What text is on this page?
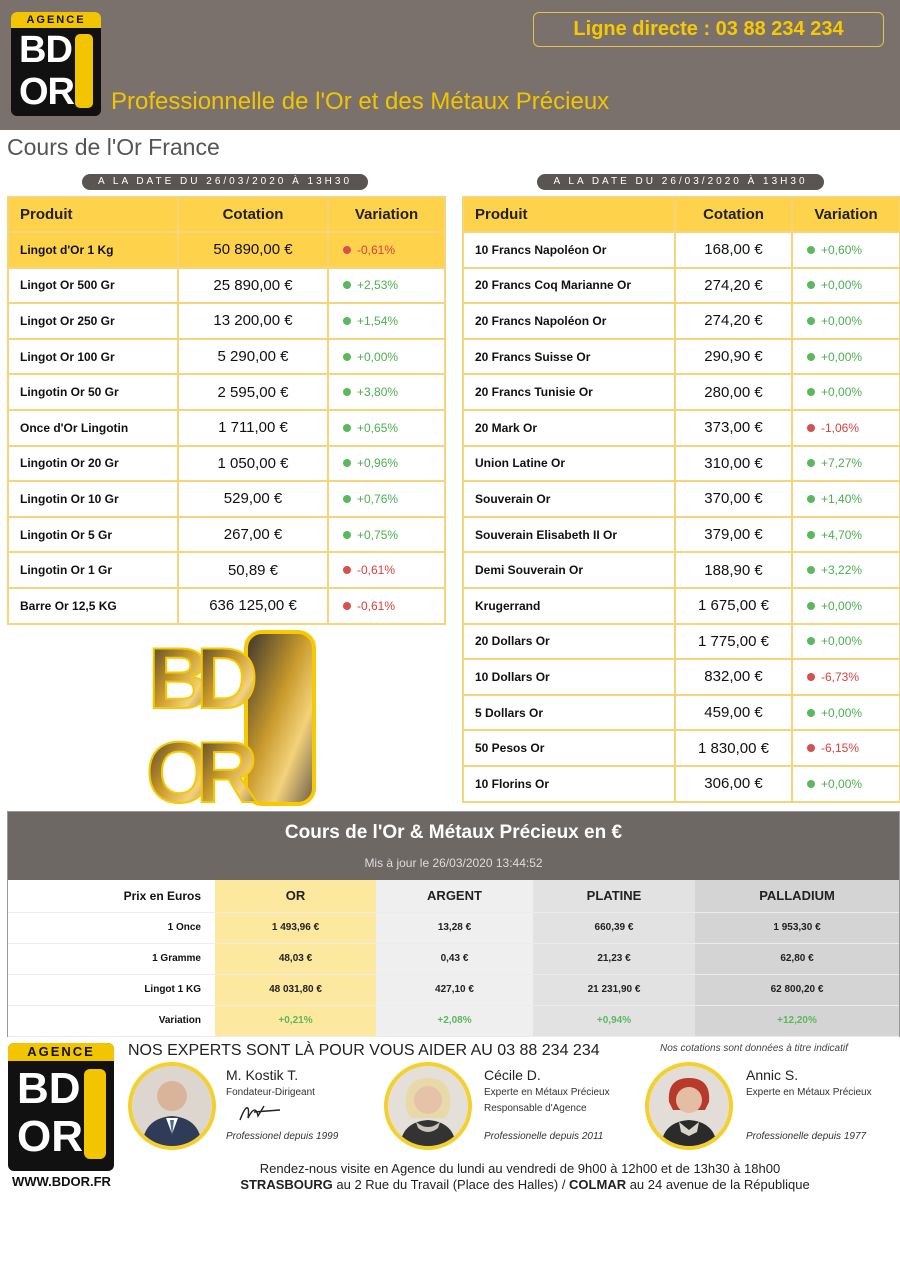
AGENCE
BD
OR Professionnelle de l'Or et des Métaux Précieux
Ligne directe : 03 88 234 234
Cours de l'Or France
A LA DATE DU 26/03/2020 À 13H30	A LA DATE DU 26/03/2020 À 13H30
Produit	Cotation	Variation
Lingot d'Or 1 Kg	50 890,00 €	-0,61%
Lingot Or 500 Gr	25 890,00 €	+2,53%
Lingot Or 250 Gr	13 200,00 €	+1,54%
Lingot Or 100 Gr	5 290,00 €	+0,00%
Lingotin Or 50 Gr	2 595,00 €	+3,80%
Once d'Or Lingotin	1 711,00 €	+0,65%
Lingotin Or 20 Gr	1 050,00 €	+0,96%
Lingotin Or 10 Gr	529,00 €	+0,76%
Lingotin Or 5 Gr	267,00 €	+0,75%
Lingotin Or 1 Gr	50,89 €	-0,61%
Barre Or 12,5 KG	636 125,00 €	-0,61%
Produit	Cotation	Variation
10 Francs Napoléon Or	168,00 €	+0,60%
20 Francs Coq Marianne Or	274,20 €	+0,00%
20 Francs Napoléon Or	274,20 €	+0,00%
20 Francs Suisse Or	290,90 €	+0,00%
20 Francs Tunisie Or	280,00 €	+0,00%
20 Mark Or	373,00 €	-1,06%
Union Latine Or	310,00 €	+7,27%
Souverain Or	370,00 €	+1,40%
Souverain Elisabeth II Or	379,00 €	+4,70%
Demi Souverain Or	188,90 €	+3,22%
Krugerrand	1 675,00 €	+0,00%
20 Dollars Or	1 775,00 €	+0,00%
10 Dollars Or	832,00 €	-6,73%
5 Dollars Or	459,00 €	+0,00%
50 Pesos Or	1 830,00 €	-6,15%
10 Florins Or	306,00 €	+0,00%
B
D
O
R
Cours de l'Or & Métaux Précieux en €
Mis à jour le 26/03/2020 13:44:52
Prix en Euros	OR	ARGENT	PLATINE	PALLADIUM
1 Once	1 493,96 €	13,28 €	660,39 €	1 953,30 €
1 Gramme	48,03 €	0,43 €	21,23 €	62,80 €
Lingot 1 KG	48 031,80 €	427,10 €	21 231,90 €	62 800,20 €
Variation	+0,21%	+2,08%	+0,94%	+12,20%
AGENCE
BD
OR
WWW.BDOR.FR
NOS EXPERTS SONT LÀ POUR VOUS AIDER AU 03 88 234 234	Nos cotations sont données à titre indicatif
M. Kostik T.
Fondateur-Dirigeant
Professionel depuis 1999
Cécile D.
Experte en Métaux Précieux
Responsable d'Agence
Professionelle depuis 2011
Annic S.
Experte en Métaux Précieux
Professionelle depuis 1977
Rendez-nous visite en Agence du lundi au vendredi de 9h00 à 12h00 et de 13h30 à 18h00
STRASBOURG au 2 Rue du Travail (Place des Halles) / COLMAR au 24 avenue de la République
